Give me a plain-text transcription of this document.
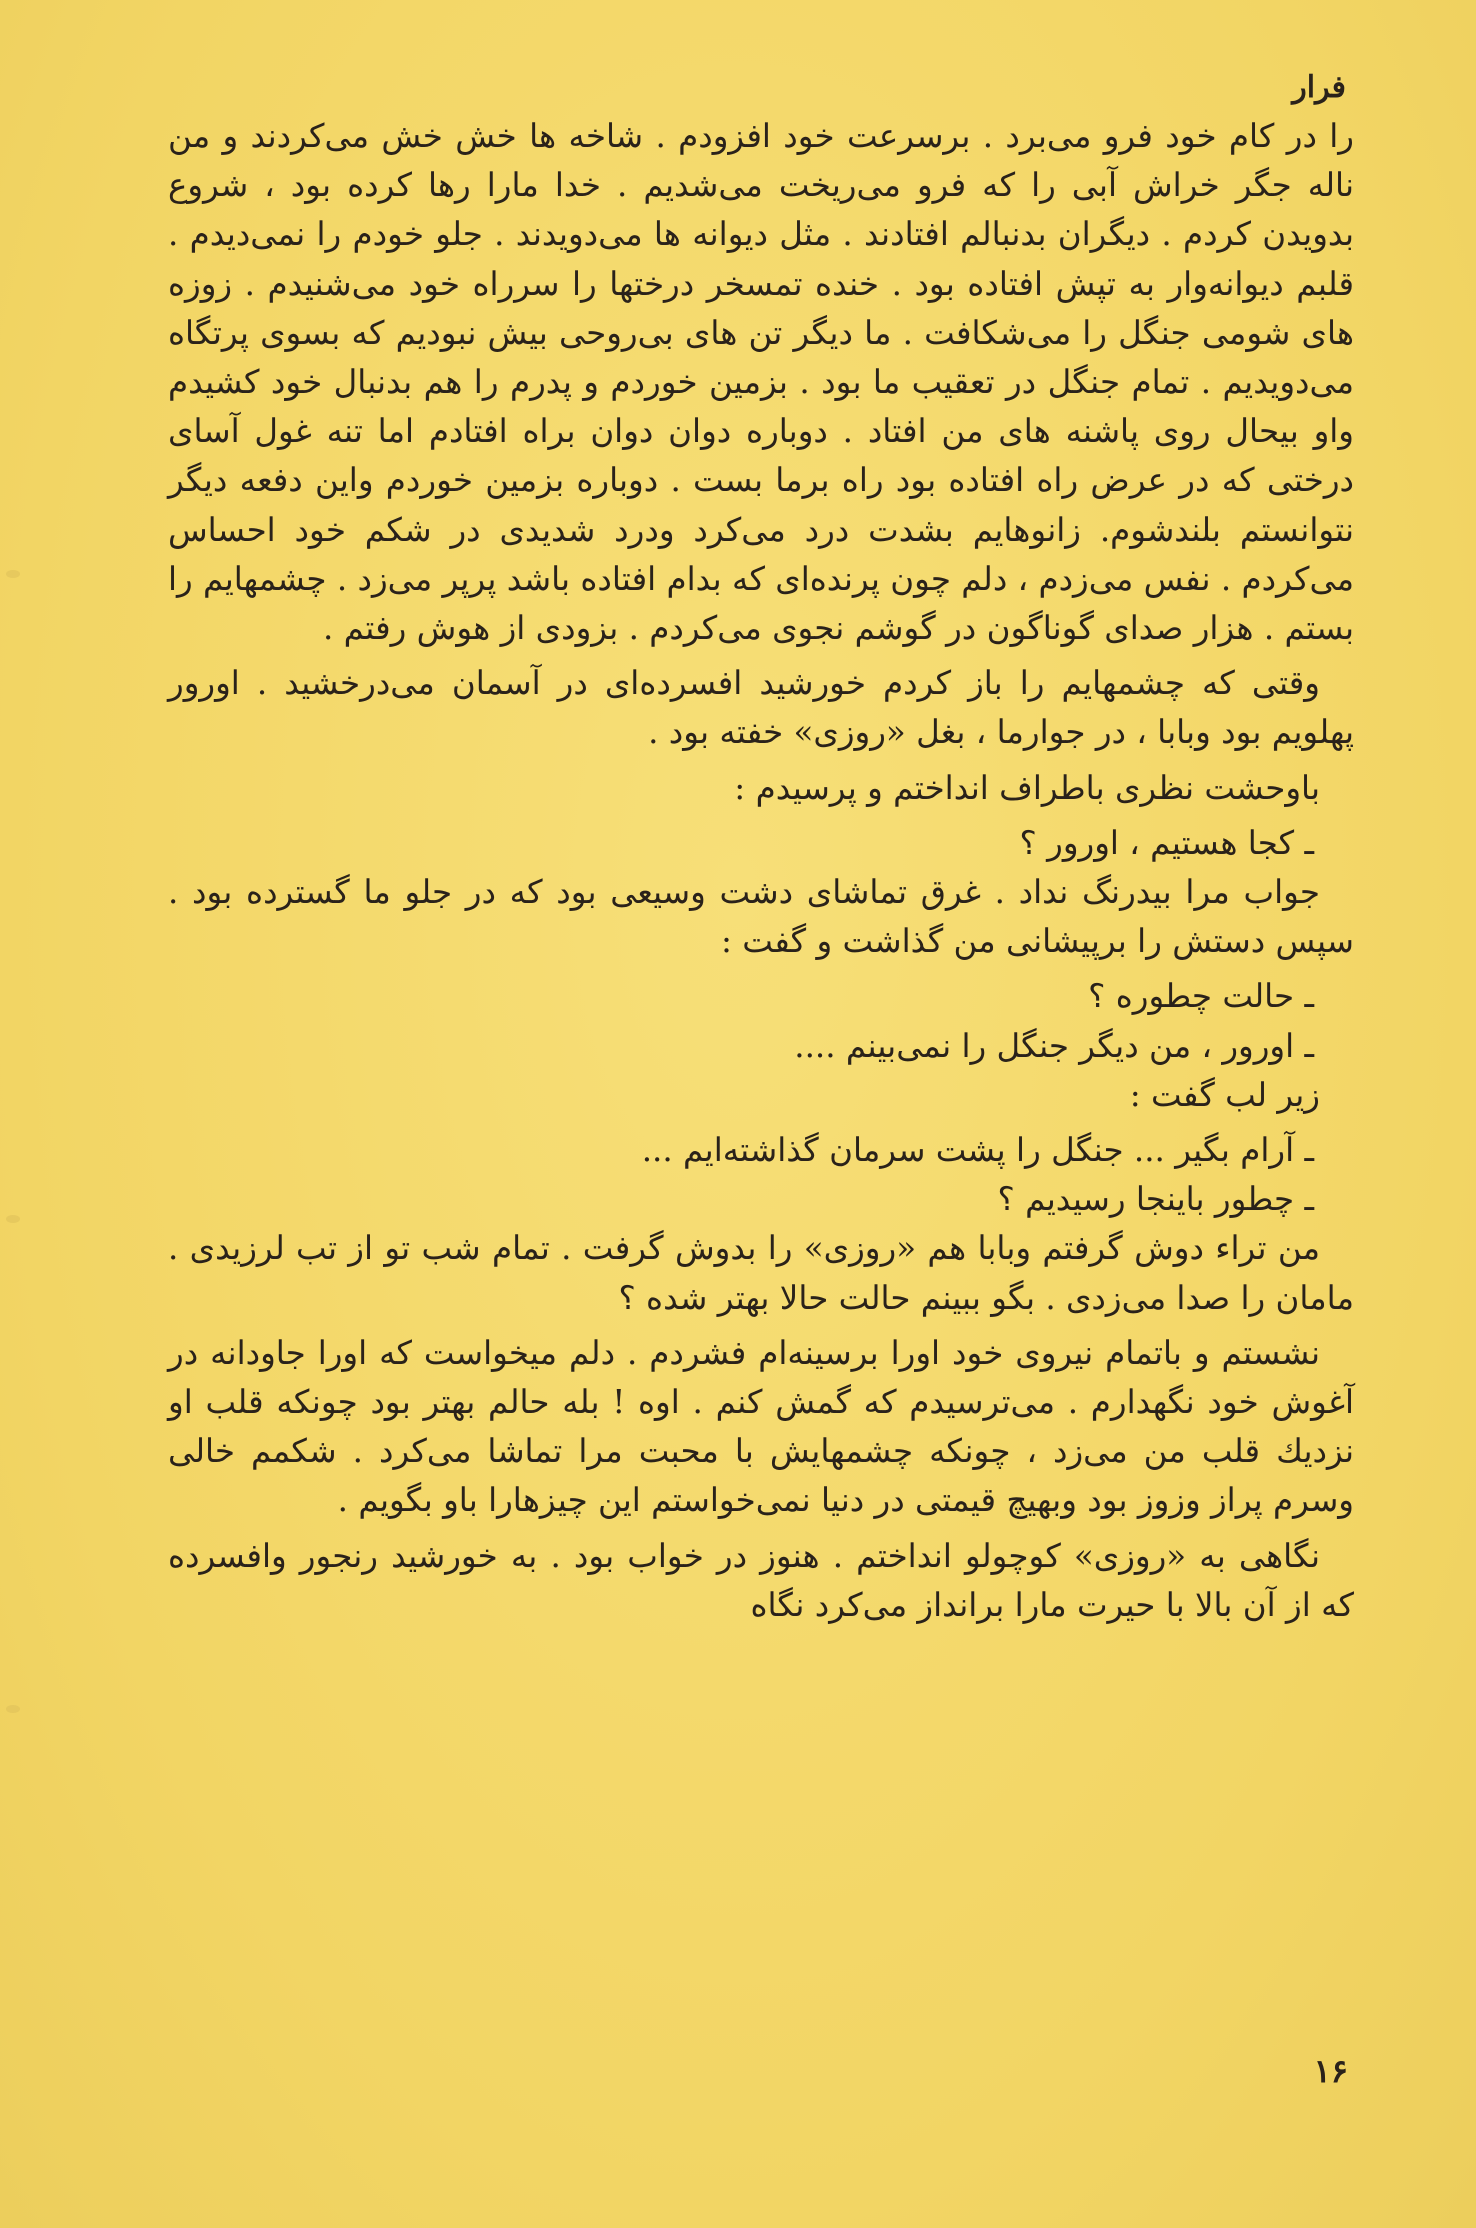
فرار

را در کام خود فرو می‌برد . برسرعت خود افزودم . شاخه ها خش خش می‌کردند و من ناله جگر خراش آبی را که فرو می‌ریخت می‌شدیم . خدا مارا رها کرده بود ، شروع بدویدن کردم . دیگران بدنبالم افتادند . مثل دیوانه ها می‌دویدند . جلو خودم را نمی‌دیدم . قلبم دیوانه‌وار به تپش افتاده بود . خنده تمسخر درختها را سرراه خود می‌شنیدم . زوزه های شومی جنگل را می‌شکافت . ما دیگر تن های بی‌روحی بیش نبودیم که بسوی پرتگاه می‌دویدیم . تمام جنگل در تعقیب ما بود . بزمین خوردم و پدرم را هم بدنبال خود کشیدم واو بیحال روی پاشنه های من افتاد . دوباره دوان دوان براه افتادم اما تنه غول آسای درختی که در عرض راه افتاده بود راه برما بست . دوباره بزمین خوردم واین دفعه دیگر نتوانستم بلندشوم. زانوهایم بشدت درد می‌کرد ودرد شدیدی در شکم خود احساس می‌کردم . نفس می‌زدم ، دلم چون پرنده‌ای که بدام افتاده باشد پرپر می‌زد . چشمهایم را بستم . هزار صدای گوناگون در گوشم نجوی می‌کردم . بزودی از هوش رفتم .

وقتی که چشمهایم را باز کردم خورشید افسرده‌ای در آسمان می‌درخشید . اورور پهلویم بود وبابا ، در جوارما ، بغل «روزی» خفته بود .

باوحشت نظری باطراف انداختم و پرسیدم :

ـ کجا هستیم ، اورور ؟

جواب مرا بیدرنگ نداد . غرق تماشای دشت وسیعی بود که در جلو ما گسترده بود . سپس دستش را برپیشانی من گذاشت و گفت :

ـ حالت چطوره ؟

ـ اورور ، من دیگر جنگل را نمی‌بینم ....

زیر لب گفت :

ـ آرام بگیر ... جنگل را پشت سرمان گذاشته‌ایم ...

ـ چطور باینجا رسیدیم ؟

من تراء دوش گرفتم وبابا هم «روزی» را بدوش گرفت . تمام شب تو از تب لرزیدی . مامان را صدا می‌زدی . بگو ببینم حالت حالا بهتر شده ؟

نشستم و باتمام نیروی خود اورا برسینه‌ام فشردم . دلم میخواست که اورا جاودانه در آغوش خود نگهدارم . می‌ترسیدم که گمش کنم . اوه ! بله حالم بهتر بود چونکه قلب او نزدیك قلب من می‌زد ، چونکه چشمهایش با محبت مرا تماشا می‌کرد . شکمم خالی وسرم پراز وزوز بود وبهیچ قیمتی در دنیا نمی‌خواستم این چیزهارا باو بگویم .

نگاهی به «روزی» کوچولو انداختم . هنوز در خواب بود . به خورشید رنجور وافسرده که از آن بالا با حیرت مارا برانداز می‌کرد نگاه

۱۶
